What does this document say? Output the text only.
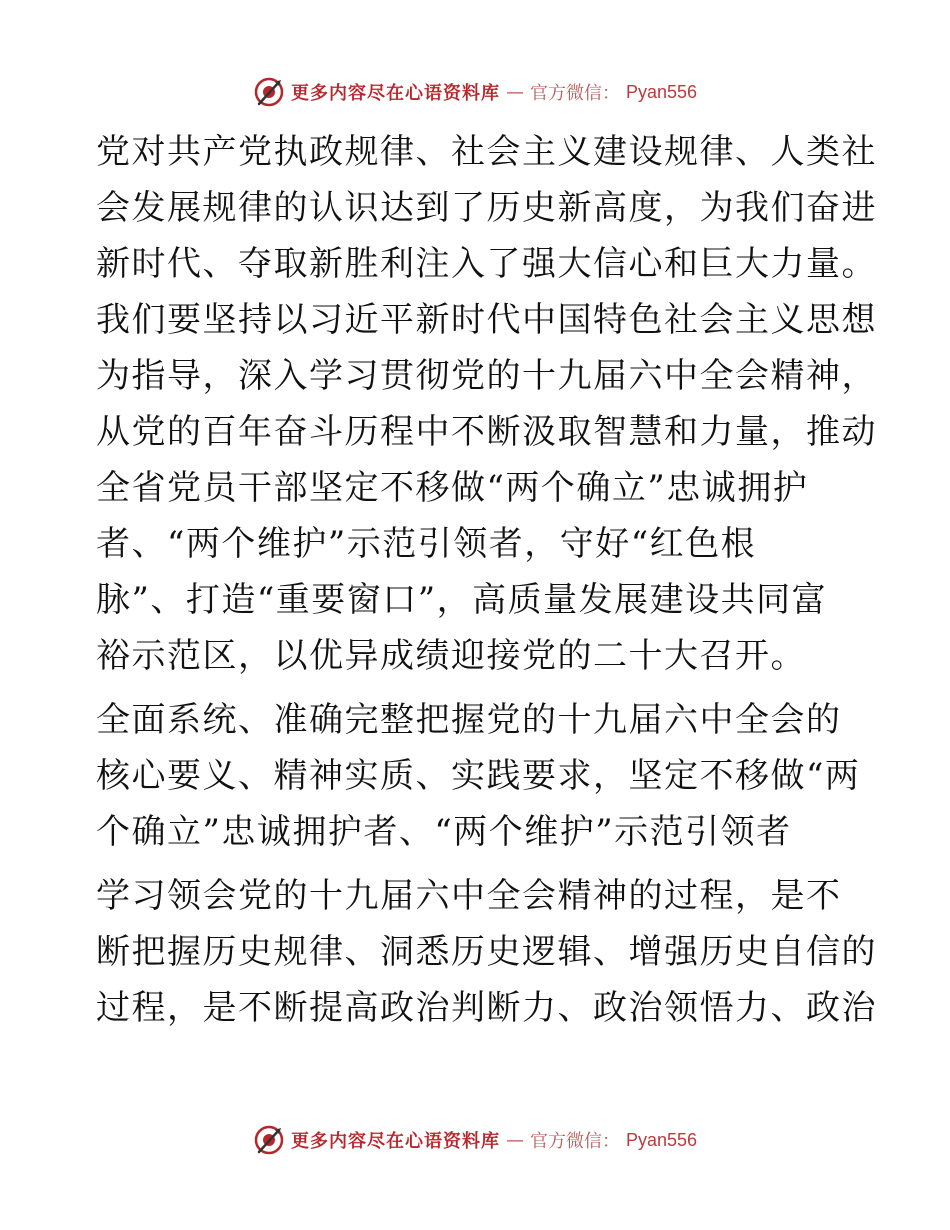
更多内容尽在心语资料库 — 官方微信： Pyan556
党对共产党执政规律、社会主义建设规律、人类社
会发展规律的认识达到了历史新高度，为我们奋进
新时代、夺取新胜利注入了强大信心和巨大力量。
我们要坚持以习近平新时代中国特色社会主义思想
为指导，深入学习贯彻党的十九届六中全会精神，
从党的百年奋斗历程中不断汲取智慧和力量，推动
全省党员干部坚定不移做“两个确立”忠诚拥护
者、“两个维护”示范引领者，守好“红色根
脉”、打造“重要窗口”，高质量发展建设共同富
裕示范区，以优异成绩迎接党的二十大召开。
全面系统、准确完整把握党的十九届六中全会的
核心要义、精神实质、实践要求，坚定不移做“两
个确立”忠诚拥护者、“两个维护”示范引领者
学习领会党的十九届六中全会精神的过程，是不
断把握历史规律、洞悉历史逻辑、增强历史自信的
过程，是不断提高政治判断力、政治领悟力、政治
更多内容尽在心语资料库 — 官方微信： Pyan556
